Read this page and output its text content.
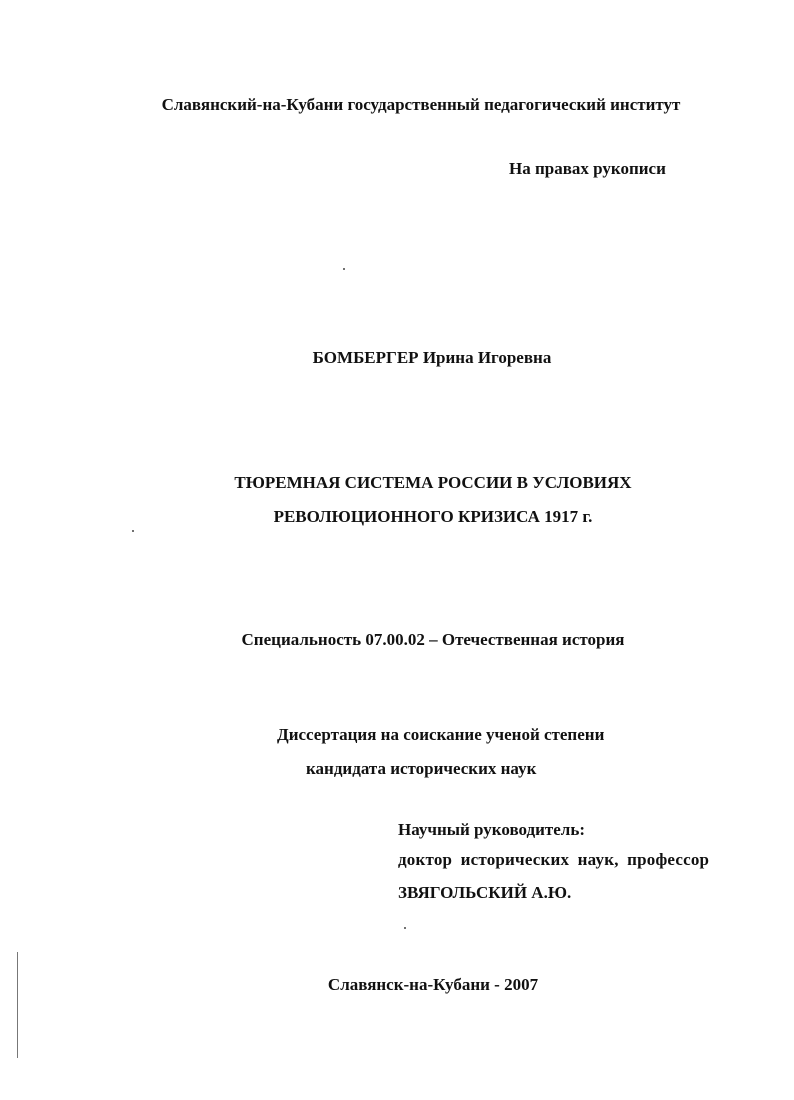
Славянский-на-Кубани государственный педагогический институт
На правах рукописи
БОМБЕРГЕР Ирина Игоревна
ТЮРЕМНАЯ СИСТЕМА РОССИИ В УСЛОВИЯХ
РЕВОЛЮЦИОННОГО КРИЗИСА 1917 г.
Специальность 07.00.02 – Отечественная история
Диссертация на соискание ученой степени
кандидата исторических наук
Научный руководитель:
доктор исторических наук, профессор
ЗВЯГОЛЬСКИЙ А.Ю.
Славянск-на-Кубани - 2007
